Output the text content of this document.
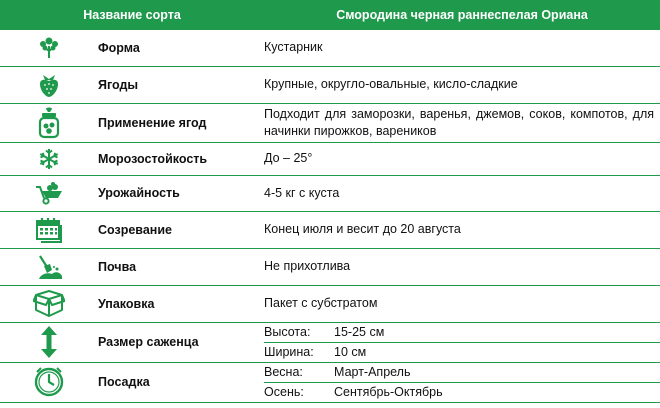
Название сорта		Смородина черная раннеспелая Ориана	

	Форма	Кустарник	

	Ягоды	Крупные, округло-овальные, кисло-сладкие	

	Применение ягод	Подходит для заморозки, варенья, джемов, соков, компотов, для начинки пирожков, вареников	

	Морозостойкость	До – 25°	

	Урожайность	4-5 кг с куста	

	Созревание	Конец июля и весит до 20 августа	

	Почва	Не прихотлива	

	Упаковка	Пакет с субстратом	

	Размер саженца	Высота:	15-25 см
		Ширина:	10 см

	Посадка	Весна:	Март-Апрель
		Осень:	Сентябрь-Октябрь
